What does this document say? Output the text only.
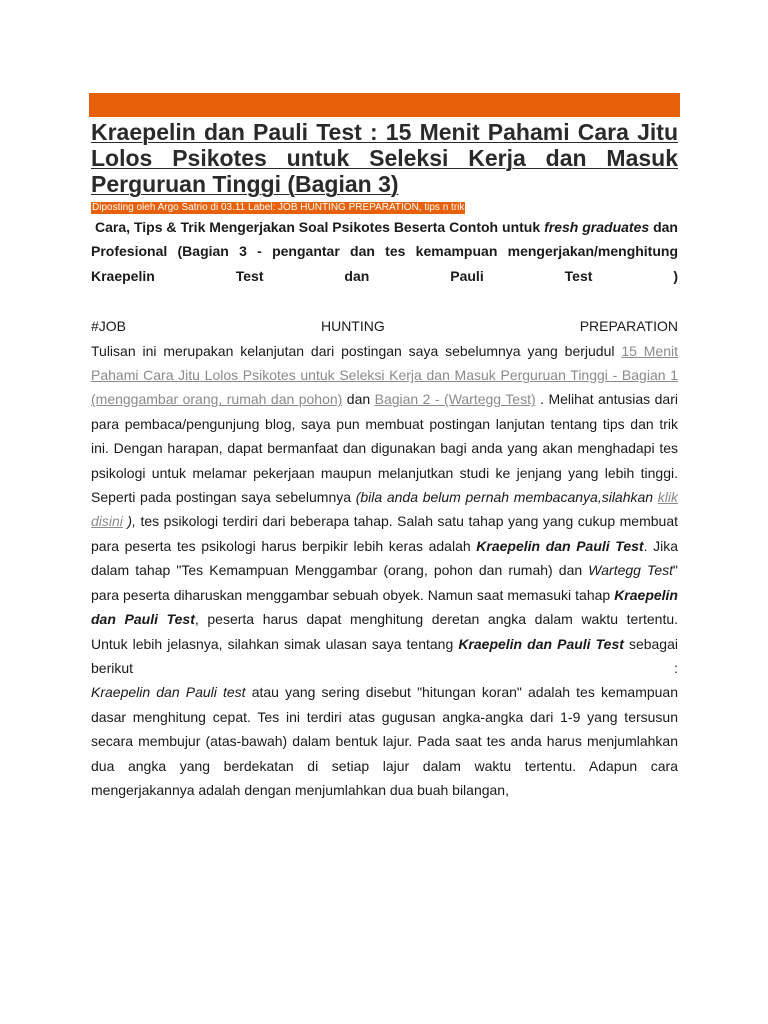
Kraepelin dan Pauli Test : 15 Menit Pahami Cara Jitu Lolos Psikotes untuk Seleksi Kerja dan Masuk Perguruan Tinggi (Bagian 3)
Diposting oleh Argo Satrio di 03.11 Label: JOB HUNTING PREPARATION, tips n trik

Cara, Tips & Trik Mengerjakan Soal Psikotes Beserta Contoh untuk fresh graduates dan Profesional (Bagian 3 - pengantar dan tes kemampuan mengerjakan/menghitung Kraepelin Test dan Pauli Test )

#JOB	HUNTING	PREPARATION

Tulisan ini merupakan kelanjutan dari postingan saya sebelumnya yang berjudul 15 Menit Pahami Cara Jitu Lolos Psikotes untuk Seleksi Kerja dan Masuk Perguruan Tinggi - Bagian 1 (menggambar orang, rumah dan pohon) dan Bagian 2 - (Wartegg Test) . Melihat antusias dari para pembaca/pengunjung blog, saya pun membuat postingan lanjutan tentang tips dan trik ini. Dengan harapan, dapat bermanfaat dan digunakan bagi anda yang akan menghadapi tes psikologi untuk melamar pekerjaan maupun melanjutkan studi ke jenjang yang lebih tinggi. Seperti pada postingan saya sebelumnya (bila anda belum pernah membacanya,silahkan klik disini ), tes psikologi terdiri dari beberapa tahap. Salah satu tahap yang yang cukup membuat para peserta tes psikologi harus berpikir lebih keras adalah Kraepelin dan Pauli Test. Jika dalam tahap "Tes Kemampuan Menggambar (orang, pohon dan rumah) dan Wartegg Test" para peserta diharuskan menggambar sebuah obyek. Namun saat memasuki tahap Kraepelin dan Pauli Test, peserta harus dapat menghitung deretan angka dalam waktu tertentu.

Untuk lebih jelasnya, silahkan simak ulasan saya tentang Kraepelin dan Pauli Test sebagai berikut :
Kraepelin dan Pauli test atau yang sering disebut "hitungan koran" adalah tes kemampuan dasar menghitung cepat. Tes ini terdiri atas gugusan angka-angka dari 1-9 yang tersusun secara membujur (atas-bawah) dalam bentuk lajur. Pada saat tes anda harus menjumlahkan dua angka yang berdekatan di setiap lajur dalam waktu tertentu. Adapun cara mengerjakannya adalah dengan menjumlahkan dua buah bilangan,
